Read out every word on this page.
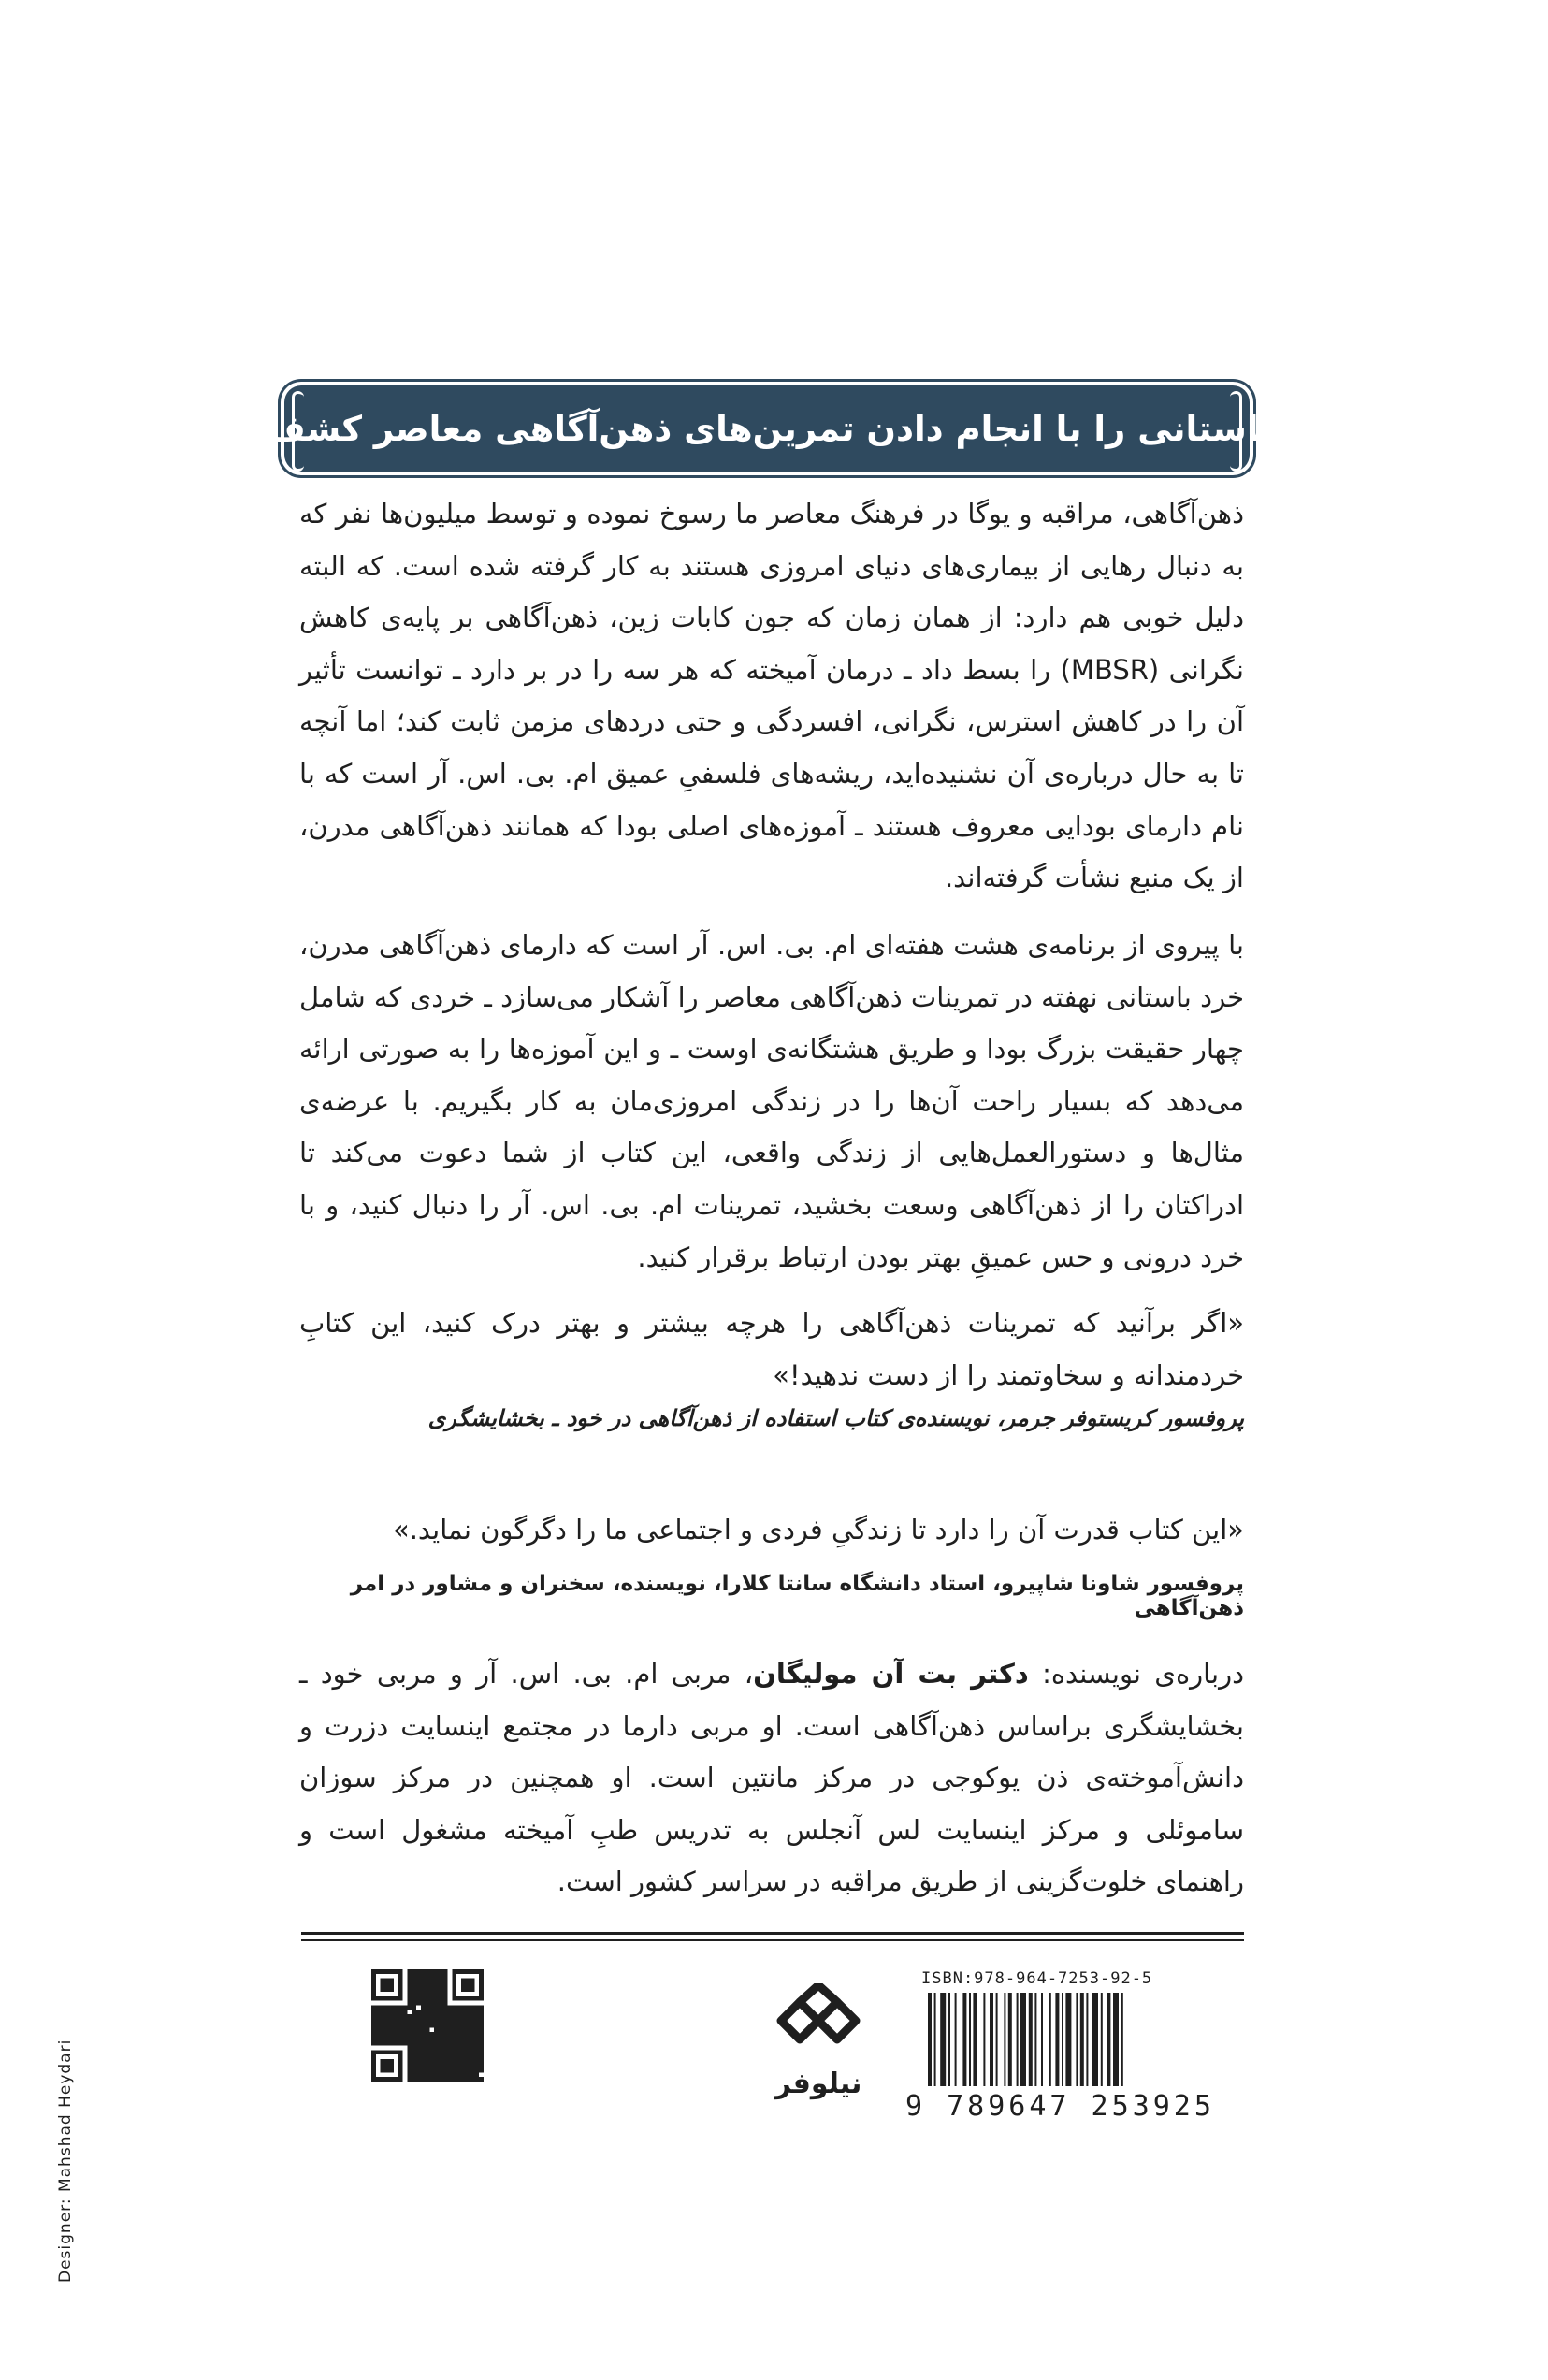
خرد باستانی را با انجام دادن تمرین‌های ذهن‌آگاهی معاصر کشف کنید
ذهن‌آگاهی، مراقبه و یوگا در فرهنگ معاصر ما رسوخ نموده و توسط میلیون‌ها نفر که به دنبال رهایی از بیماری‌های دنیای امروزی هستند به کار گرفته شده است. که البته دلیل خوبی هم دارد: از همان زمان که جون کابات زین، ذهن‌آگاهی بر پایه‌ی کاهش نگرانی (MBSR) را بسط داد ـ درمان آمیخته که هر سه را در بر دارد ـ توانست تأثیر آن را در کاهش استرس، نگرانی، افسردگی و حتی دردهای مزمن ثابت کند؛ اما آنچه تا به حال درباره‌ی آن نشنیده‌اید، ریشه‌های فلسفیِ عمیق ام. بی. اس. آر است که با نام دارمای بودایی معروف هستند ـ آموزه‌های اصلی بودا که همانند ذهن‌آگاهی مدرن، از یک منبع نشأت گرفته‌اند.
با پیروی از برنامه‌ی هشت هفته‌ای ام. بی. اس. آر است که دارمای ذهن‌آگاهی مدرن، خرد باستانی نهفته در تمرینات ذهن‌آگاهی معاصر را آشکار می‌سازد ـ خردی که شامل چهار حقیقت بزرگ بودا و طریق هشتگانه‌ی اوست ـ و این آموزه‌ها را به صورتی ارائه می‌دهد که بسیار راحت آن‌ها را در زندگی امروزی‌مان به کار بگیریم. با عرضه‌ی مثال‌ها و دستورالعمل‌هایی از زندگی واقعی، این کتاب از شما دعوت می‌کند تا ادراکتان را از ذهن‌آگاهی وسعت بخشید، تمرینات ام. بی. اس. آر را دنبال کنید، و با خرد درونی و حس عمیقِ بهتر بودن ارتباط برقرار کنید.
«اگر برآنید که تمرینات ذهن‌آگاهی را هرچه بیشتر و بهتر درک کنید، این کتابِ خردمندانه و سخاوتمند را از دست ندهید!»
پروفسور کریستوفر جرمر، نویسنده‌ی کتاب استفاده از ذهن‌آگاهی در خود ـ بخشایشگری
«این کتاب قدرت آن را دارد تا زندگیِ فردی و اجتماعی ما را دگرگون نماید.»
پروفسور شاونا شاپیرو، استاد دانشگاه سانتا کلارا، نویسنده، سخنران و مشاور در امر ذهن‌آگاهی
درباره‌ی نویسنده: دکتر بت آن مولیگان، مربی ام. بی. اس. آر و مربی خود ـ بخشایشگری براساس ذهن‌آگاهی است. او مربی دارما در مجتمع اینسایت دزرت و دانش‌آموخته‌ی ذن یوکوجی در مرکز مانتین است. او همچنین در مرکز سوزان ساموئلی و مرکز اینسایت لس آنجلس به تدریس طبِ آمیخته مشغول است و راهنمای خلوت‌گزینی از طریق مراقبه در سراسر کشور است.
ISBN:978-964-7253-92-5
9 789647 253925
نیلوفر
Designer: Mahshad Heydari
